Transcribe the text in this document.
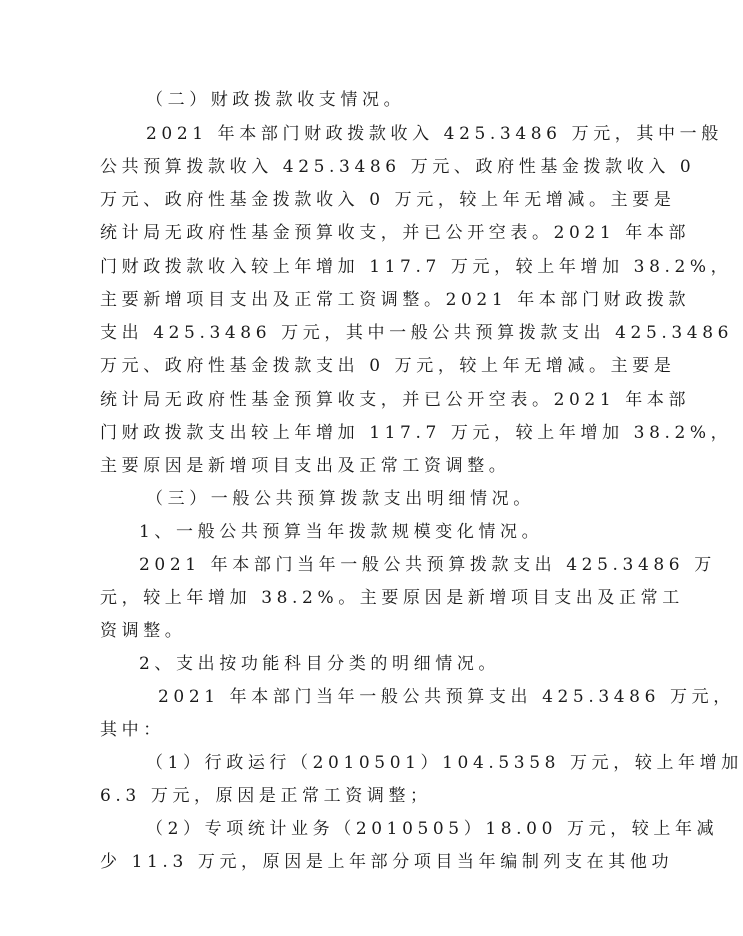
（二）财政拨款收支情况。
2021 年本部门财政拨款收入 425.3486 万元，其中一般
公共预算拨款收入 425.3486 万元、政府性基金拨款收入 0
万元、政府性基金拨款收入 0 万元，较上年无增减。主要是
统计局无政府性基金预算收支，并已公开空表。2021 年本部
门财政拨款收入较上年增加 117.7 万元，较上年增加 38.2%，
主要新增项目支出及正常工资调整。2021 年本部门财政拨款
支出 425.3486 万元，其中一般公共预算拨款支出 425.3486
万元、政府性基金拨款支出 0 万元，较上年无增减。主要是
统计局无政府性基金预算收支，并已公开空表。2021 年本部
门财政拨款支出较上年增加 117.7 万元，较上年增加 38.2%，
主要原因是新增项目支出及正常工资调整。
（三）一般公共预算拨款支出明细情况。
1、一般公共预算当年拨款规模变化情况。
2021 年本部门当年一般公共预算拨款支出 425.3486 万
元，较上年增加 38.2%。主要原因是新增项目支出及正常工
资调整。
2、支出按功能科目分类的明细情况。
2021 年本部门当年一般公共预算支出 425.3486 万元，
其中：
（1）行政运行（2010501）104.5358 万元，较上年增加
6.3 万元，原因是正常工资调整；
（2）专项统计业务（2010505）18.00 万元，较上年减
少 11.3 万元，原因是上年部分项目当年编制列支在其他功
